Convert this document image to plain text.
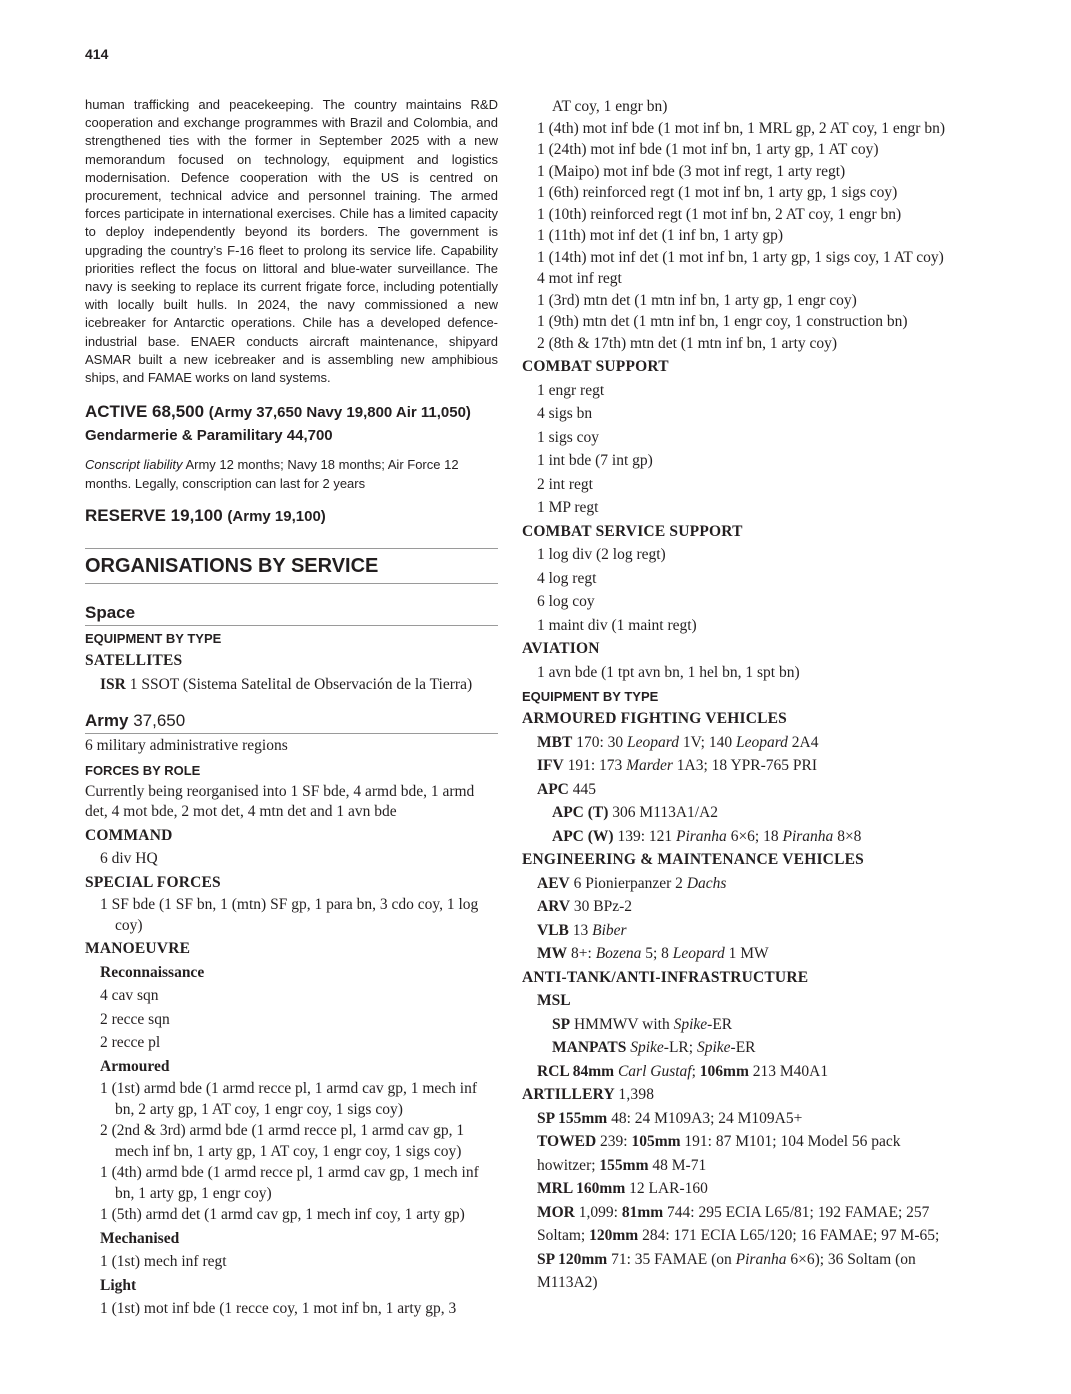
414

human trafficking and peacekeeping. The country maintains R&D cooperation and exchange programmes with Brazil and Colombia, and strengthened ties with the former in September 2025 with a new memorandum focused on technology, equipment and logistics modernisation. Defence cooperation with the US is centred on procurement, technical advice and personnel training. The armed forces participate in international exercises. Chile has a limited capacity to deploy independently beyond its borders. The government is upgrading the country’s F-16 fleet to prolong its service life. Capability priorities reflect the focus on littoral and blue-water surveillance. The navy is seeking to replace its current frigate force, including potentially with locally built hulls. In 2024, the navy commissioned a new icebreaker for Antarctic operations. Chile has a developed defence-industrial base. ENAER conducts aircraft maintenance, shipyard ASMAR built a new icebreaker and is assembling new amphibious ships, and FAMAE works on land systems.

ACTIVE 68,500 (Army 37,650 Navy 19,800 Air 11,050) Gendarmerie & Paramilitary 44,700

Conscript liability Army 12 months; Navy 18 months; Air Force 12 months. Legally, conscription can last for 2 years

RESERVE 19,100 (Army 19,100)
ORGANISATIONS BY SERVICE
Space
EQUIPMENT BY TYPE
SATELLITES
ISR 1 SSOT (Sistema Satelital de Observación de la Tierra)
Army 37,650
6 military administrative regions
FORCES BY ROLE
Currently being reorganised into 1 SF bde, 4 armd bde, 1 armd det, 4 mot bde, 2 mot det, 4 mtn det and 1 avn bde
COMMAND
6 div HQ
SPECIAL FORCES
1 SF bde (1 SF bn, 1 (mtn) SF gp, 1 para bn, 3 cdo coy, 1 log coy)
MANOEUVRE
Reconnaissance
4 cav sqn
2 recce sqn
2 recce pl
Armoured
1 (1st) armd bde (1 armd recce pl, 1 armd cav gp, 1 mech inf bn, 2 arty gp, 1 AT coy, 1 engr coy, 1 sigs coy)
2 (2nd & 3rd) armd bde (1 armd recce pl, 1 armd cav gp, 1 mech inf bn, 1 arty gp, 1 AT coy, 1 engr coy, 1 sigs coy)
1 (4th) armd bde (1 armd recce pl, 1 armd cav gp, 1 mech inf bn, 1 arty gp, 1 engr coy)
1 (5th) armd det (1 armd cav gp, 1 mech inf coy, 1 arty gp)
Mechanised
1 (1st) mech inf regt
Light
1 (1st) mot inf bde (1 recce coy, 1 mot inf bn, 1 arty gp, 3
AT coy, 1 engr bn)
1 (4th) mot inf bde (1 mot inf bn, 1 MRL gp, 2 AT coy, 1 engr bn)
1 (24th) mot inf bde (1 mot inf bn, 1 arty gp, 1 AT coy)
1 (Maipo) mot inf bde (3 mot inf regt, 1 arty regt)
1 (6th) reinforced regt (1 mot inf bn, 1 arty gp, 1 sigs coy)
1 (10th) reinforced regt (1 mot inf bn, 2 AT coy, 1 engr bn)
1 (11th) mot inf det (1 inf bn, 1 arty gp)
1 (14th) mot inf det (1 mot inf bn, 1 arty gp, 1 sigs coy, 1 AT coy)
4 mot inf regt
1 (3rd) mtn det (1 mtn inf bn, 1 arty gp, 1 engr coy)
1 (9th) mtn det (1 mtn inf bn, 1 engr coy, 1 construction bn)
2 (8th & 17th) mtn det (1 mtn inf bn, 1 arty coy)
COMBAT SUPPORT
1 engr regt
4 sigs bn
1 sigs coy
1 int bde (7 int gp)
2 int regt
1 MP regt
COMBAT SERVICE SUPPORT
1 log div (2 log regt)
4 log regt
6 log coy
1 maint div (1 maint regt)
AVIATION
1 avn bde (1 tpt avn bn, 1 hel bn, 1 spt bn)
EQUIPMENT BY TYPE
ARMOURED FIGHTING VEHICLES
MBT 170: 30 Leopard 1V; 140 Leopard 2A4
IFV 191: 173 Marder 1A3; 18 YPR-765 PRI
APC 445
APC (T) 306 M113A1/A2
APC (W) 139: 121 Piranha 6×6; 18 Piranha 8×8
ENGINEERING & MAINTENANCE VEHICLES
AEV 6 Pionierpanzer 2 Dachs
ARV 30 BPz-2
VLB 13 Biber
MW 8+: Bozena 5; 8 Leopard 1 MW
ANTI-TANK/ANTI-INFRASTRUCTURE
MSL
SP HMMWV with Spike-ER
MANPATS Spike-LR; Spike-ER
RCL 84mm Carl Gustaf; 106mm 213 M40A1
ARTILLERY 1,398
SP 155mm 48: 24 M109A3; 24 M109A5+
TOWED 239: 105mm 191: 87 M101; 104 Model 56 pack howitzer; 155mm 48 M-71
MRL 160mm 12 LAR-160
MOR 1,099: 81mm 744: 295 ECIA L65/81; 192 FAMAE; 257 Soltam; 120mm 284: 171 ECIA L65/120; 16 FAMAE; 97 M-65; SP 120mm 71: 35 FAMAE (on Piranha 6×6); 36 Soltam (on M113A2)
